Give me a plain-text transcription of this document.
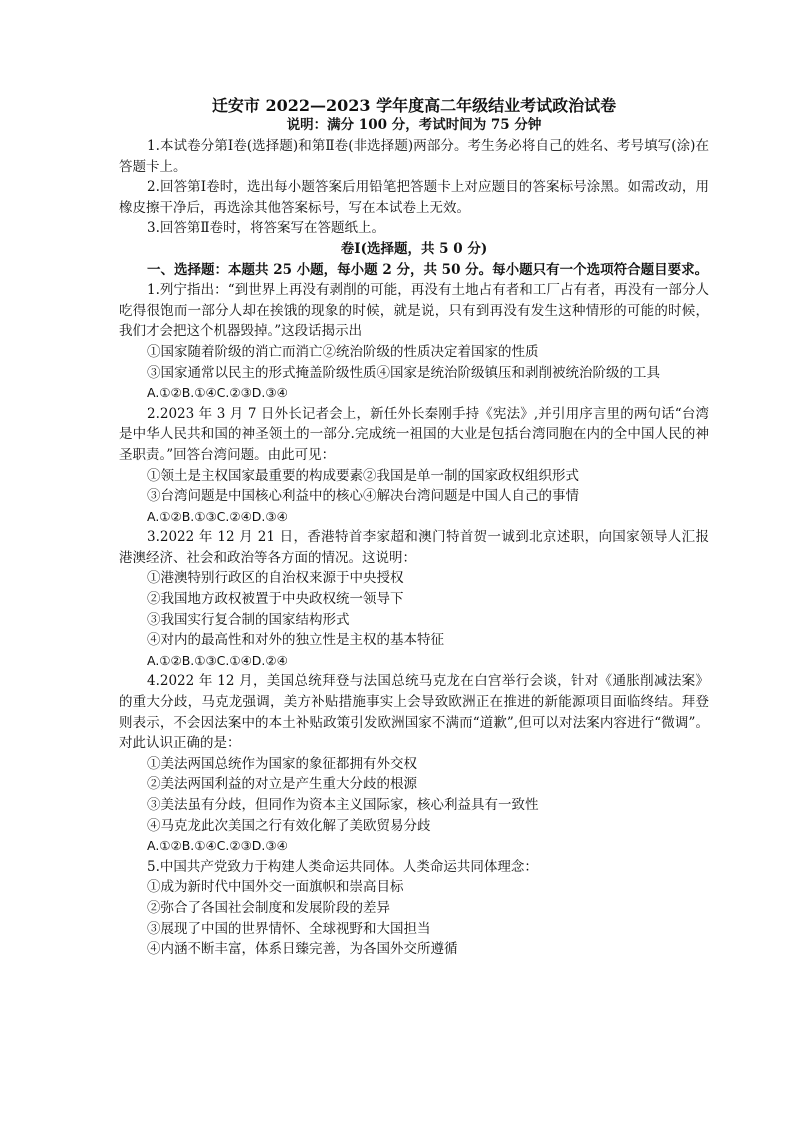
迁安市 2022—2023 学年度高二年级结业考试政治试卷

说明：满分 100 分，考试时间为 75 分钟

1.本试卷分第Ⅰ卷(选择题)和第Ⅱ卷(非选择题)两部分。考生务必将自己的姓名、考号填写(涂)在答题卡上。

2.回答第Ⅰ卷时，选出每小题答案后用铅笔把答题卡上对应题目的答案标号涂黑。如需改动，用橡皮擦干净后，再选涂其他答案标号，写在本试卷上无效。

3.回答第Ⅱ卷时，将答案写在答题纸上。

卷Ⅰ(选择题，共 5 0 分)

一、选择题：本题共 25 小题，每小题 2 分，共 50 分。每小题只有一个选项符合题目要求。

1.列宁指出：“到世界上再没有剥削的可能，再没有土地占有者和工厂占有者，再没有一部分人吃得很饱而一部分人却在挨饿的现象的时候，就是说，只有到再没有发生这种情形的可能的时候，我们才会把这个机器毁掉。”这段话揭示出

①国家随着阶级的消亡而消亡②统治阶级的性质决定着国家的性质

③国家通常以民主的形式掩盖阶级性质④国家是统治阶级镇压和剥削被统治阶级的工具

A.①②B.①④C.②③D.③④

2.2023 年 3 月 7 日外长记者会上，新任外长秦刚手持《宪法》,并引用序言里的两句话“台湾是中华人民共和国的神圣领土的一部分.完成统一祖国的大业是包括台湾同胞在内的全中国人民的神圣职责。”回答台湾问题。由此可见：

①领土是主权国家最重要的构成要素②我国是单一制的国家政权组织形式

③台湾问题是中国核心利益中的核心④解决台湾问题是中国人自己的事情

A.①②B.①③C.②④D.③④

3.2022 年 12 月 21 日，香港特首李家超和澳门特首贺一诚到北京述职，向国家领导人汇报港澳经济、社会和政治等各方面的情况。这说明：

①港澳特别行政区的自治权来源于中央授权

②我国地方政权被置于中央政权统一领导下

③我国实行复合制的国家结构形式

④对内的最高性和对外的独立性是主权的基本特征

A.①②B.①③C.①④D.②④

4.2022 年 12 月，美国总统拜登与法国总统马克龙在白宫举行会谈，针对《通胀削减法案》的重大分歧，马克龙强调，美方补贴措施事实上会导致欧洲正在推进的新能源项目面临终结。拜登则表示，不会因法案中的本土补贴政策引发欧洲国家不满而“道歉”,但可以对法案内容进行“微调”。对此认识正确的是：

①美法两国总统作为国家的象征都拥有外交权

②美法两国利益的对立是产生重大分歧的根源

③美法虽有分歧，但同作为资本主义国际家，核心利益具有一致性

④马克龙此次美国之行有效化解了美欧贸易分歧

A.①②B.①④C.②③D.③④

5.中国共产党致力于构建人类命运共同体。人类命运共同体理念：

①成为新时代中国外交一面旗帜和崇高目标

②弥合了各国社会制度和发展阶段的差异

③展现了中国的世界情怀、全球视野和大国担当

④内涵不断丰富，体系日臻完善，为各国外交所遵循
